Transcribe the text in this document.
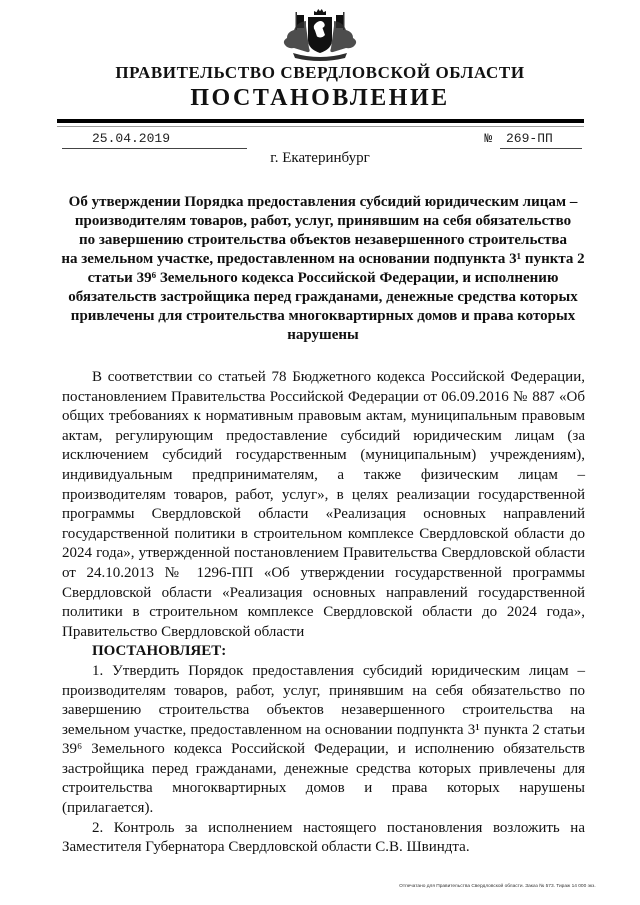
ПРАВИТЕЛЬСТВО СВЕРДЛОВСКОЙ ОБЛАСТИ
ПОСТАНОВЛЕНИЕ
25.04.2019	№ 269-ПП
г. Екатеринбург
Об утверждении Порядка предоставления субсидий юридическим лицам –
производителям товаров, работ, услуг, принявшим на себя обязательство
по завершению строительства объектов незавершенного строительства
на земельном участке, предоставленном на основании подпункта 3¹ пункта 2
статьи 39⁶ Земельного кодекса Российской Федерации, и исполнению
обязательств застройщика перед гражданами, денежные средства которых
привлечены для строительства многоквартирных домов и права которых
нарушены

В соответствии со статьей 78 Бюджетного кодекса Российской Федерации, постановлением Правительства Российской Федерации от 06.09.2016 № 887 «Об общих требованиях к нормативным правовым актам, муниципальным правовым актам, регулирующим предоставление субсидий юридическим лицам (за исключением субсидий государственным (муниципальным) учреждениям), индивидуальным предпринимателям, а также физическим лицам – производителям товаров, работ, услуг», в целях реализации государственной программы Свердловской области «Реализация основных направлений государственной политики в строительном комплексе Свердловской области до 2024 года», утвержденной постановлением Правительства Свердловской области от 24.10.2013 № 1296-ПП «Об утверждении государственной программы Свердловской области «Реализация основных направлений государственной политики в строительном комплексе Свердловской области до 2024 года», Правительство Свердловской области

ПОСТАНОВЛЯЕТ:

1. Утвердить Порядок предоставления субсидий юридическим лицам – производителям товаров, работ, услуг, принявшим на себя обязательство по завершению строительства объектов незавершенного строительства на земельном участке, предоставленном на основании подпункта 3¹ пункта 2 статьи 39⁶ Земельного кодекса Российской Федерации, и исполнению обязательств застройщика перед гражданами, денежные средства которых привлечены для строительства многоквартирных домов и права которых нарушены (прилагается).

2. Контроль за исполнением настоящего постановления возложить на Заместителя Губернатора Свердловской области С.В. Швиндта.

Отпечатано для Правительства Свердловской области. Заказ № 573. Тираж 14 000 экз.
